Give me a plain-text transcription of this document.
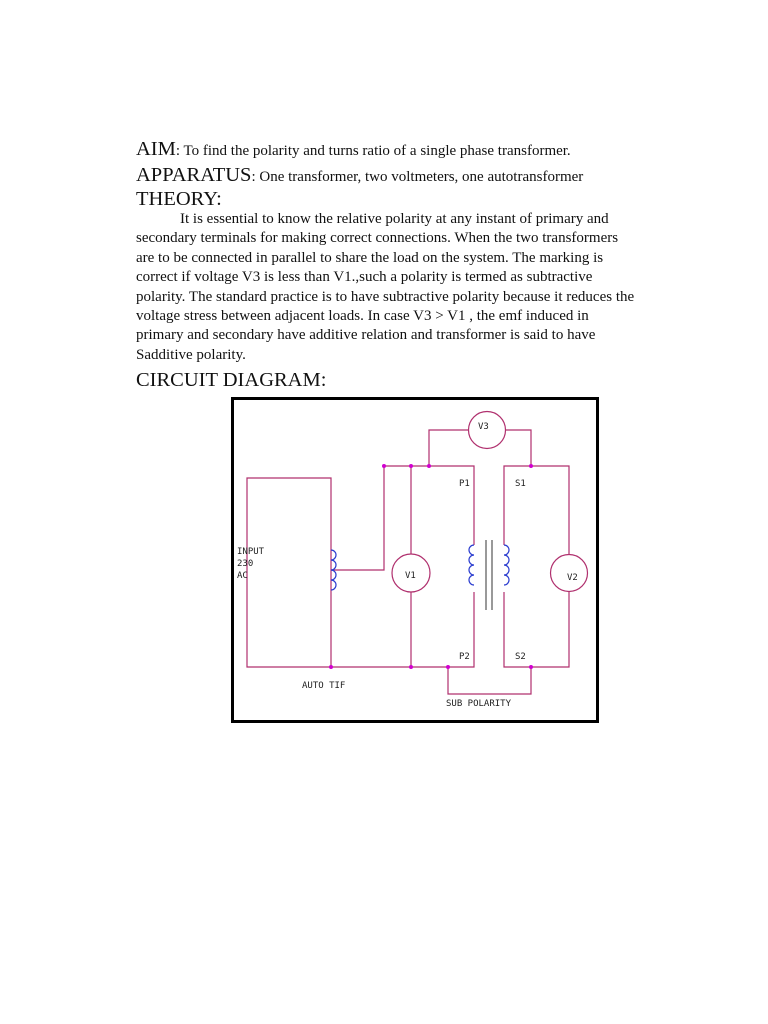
AIM: To find the polarity and turns ratio of a single phase transformer.
APPARATUS: One transformer, two voltmeters, one autotransformer
THEORY:

It is essential to know the relative polarity at any instant of primary and secondary terminals for making correct connections. When the two transformers are to be connected in parallel to share the load on the system. The marking is correct if voltage V3 is less than V1.,such a polarity is termed as subtractive polarity. The standard practice is to have subtractive polarity because it reduces the voltage stress between adjacent loads. In case V3 > V1 , the emf induced in primary and secondary have additive relation and transformer is said to have Sadditive polarity.

CIRCUIT DIAGRAM:
V3
V1	V2
P1	S1
P2	S2
INPUT
230
AC
AUTO TIF
SUB POLARITY
